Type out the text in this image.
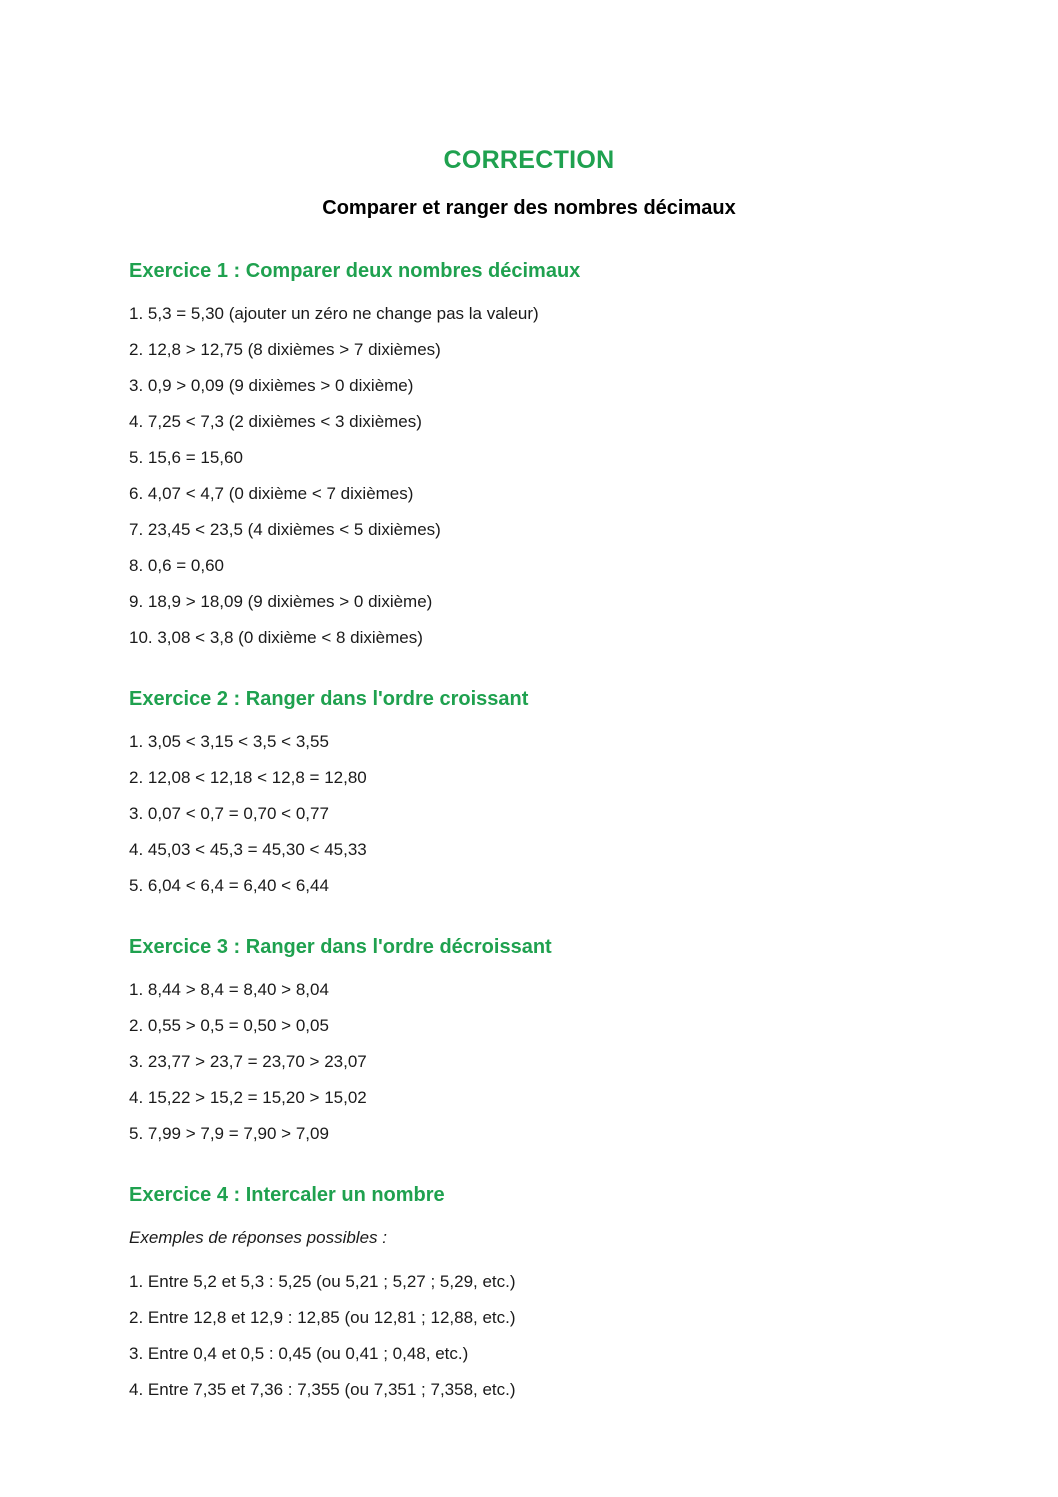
CORRECTION

Comparer et ranger des nombres décimaux

Exercice 1 : Comparer deux nombres décimaux

1. 5,3 = 5,30 (ajouter un zéro ne change pas la valeur)

2. 12,8 > 12,75 (8 dixièmes > 7 dixièmes)

3. 0,9 > 0,09 (9 dixièmes > 0 dixième)

4. 7,25 < 7,3 (2 dixièmes < 3 dixièmes)

5. 15,6 = 15,60

6. 4,07 < 4,7 (0 dixième < 7 dixièmes)

7. 23,45 < 23,5 (4 dixièmes < 5 dixièmes)

8. 0,6 = 0,60

9. 18,9 > 18,09 (9 dixièmes > 0 dixième)

10. 3,08 < 3,8 (0 dixième < 8 dixièmes)

Exercice 2 : Ranger dans l'ordre croissant

1. 3,05 < 3,15 < 3,5 < 3,55

2. 12,08 < 12,18 < 12,8 = 12,80

3. 0,07 < 0,7 = 0,70 < 0,77

4. 45,03 < 45,3 = 45,30 < 45,33

5. 6,04 < 6,4 = 6,40 < 6,44

Exercice 3 : Ranger dans l'ordre décroissant

1. 8,44 > 8,4 = 8,40 > 8,04

2. 0,55 > 0,5 = 0,50 > 0,05

3. 23,77 > 23,7 = 23,70 > 23,07

4. 15,22 > 15,2 = 15,20 > 15,02

5. 7,99 > 7,9 = 7,90 > 7,09

Exercice 4 : Intercaler un nombre

Exemples de réponses possibles :

1. Entre 5,2 et 5,3 : 5,25 (ou 5,21 ; 5,27 ; 5,29, etc.)

2. Entre 12,8 et 12,9 : 12,85 (ou 12,81 ; 12,88, etc.)

3. Entre 0,4 et 0,5 : 0,45 (ou 0,41 ; 0,48, etc.)

4. Entre 7,35 et 7,36 : 7,355 (ou 7,351 ; 7,358, etc.)
